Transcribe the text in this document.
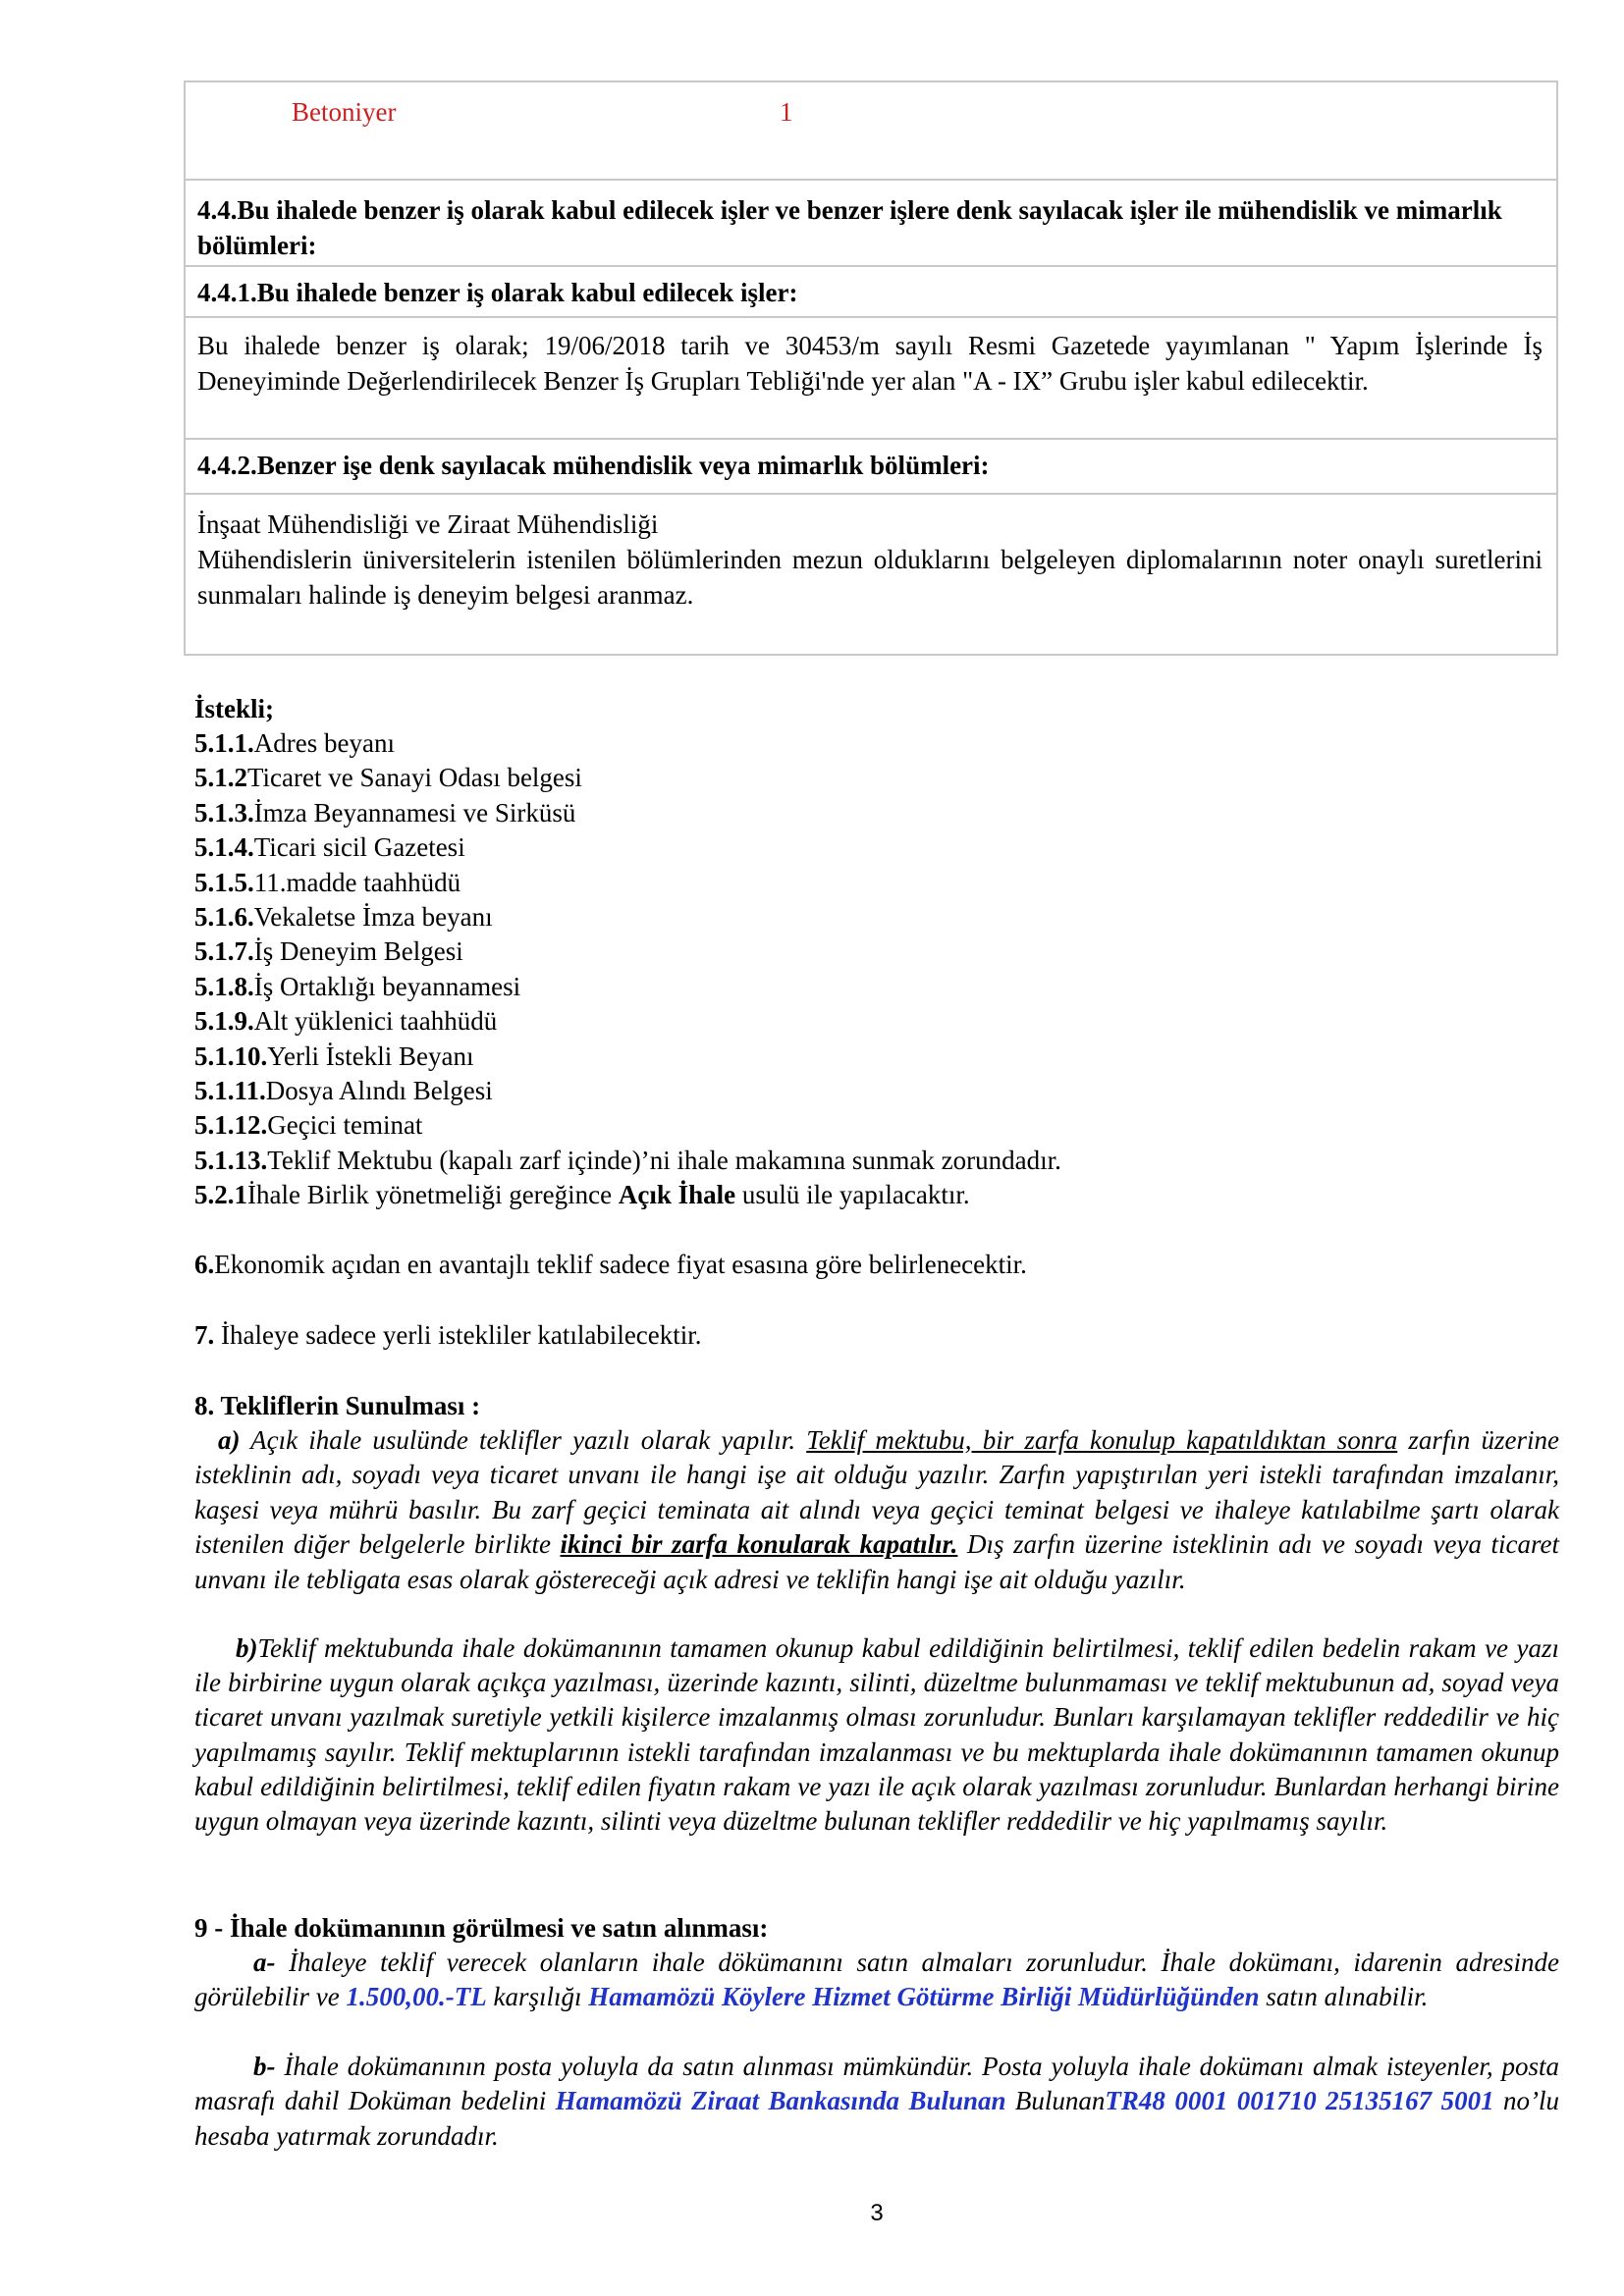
Betoniyer	1
4.4.Bu ihalede benzer iş olarak kabul edilecek işler ve benzer işlere denk sayılacak işler ile mühendislik ve mimarlık bölümleri:
4.4.1.Bu ihalede benzer iş olarak kabul edilecek işler:
Bu ihalede benzer iş olarak; 19/06/2018 tarih ve 30453/m sayılı Resmi Gazetede yayımlanan " Yapım İşlerinde İş Deneyiminde Değerlendirilecek Benzer İş Grupları Tebliği'nde yer alan "A - IX” Grubu işler kabul edilecektir.
4.4.2.Benzer işe denk sayılacak mühendislik veya mimarlık bölümleri:
İnşaat Mühendisliği ve Ziraat Mühendisliği
Mühendislerin üniversitelerin istenilen bölümlerinden mezun olduklarını belgeleyen diplomalarının noter onaylı suretlerini sunmaları halinde iş deneyim belgesi aranmaz.
İstekli;
5.1.1.Adres beyanı
5.1.2Ticaret ve Sanayi Odası belgesi
5.1.3.İmza Beyannamesi ve Sirküsü
5.1.4.Ticari sicil Gazetesi
5.1.5.11.madde taahhüdü
5.1.6.Vekaletse İmza beyanı
5.1.7.İş Deneyim Belgesi
5.1.8.İş Ortaklığı beyannamesi
5.1.9.Alt yüklenici taahhüdü
5.1.10.Yerli İstekli Beyanı
5.1.11.Dosya Alındı Belgesi
5.1.12.Geçici teminat
5.1.13.Teklif Mektubu (kapalı zarf içinde)’ni ihale makamına sunmak zorundadır.
5.2.1İhale Birlik yönetmeliği gereğince Açık İhale usulü ile yapılacaktır.
6.Ekonomik açıdan en avantajlı teklif sadece fiyat esasına göre belirlenecektir.
7. İhaleye sadece yerli istekliler katılabilecektir.
8. Tekliflerin Sunulması :
a) Açık ihale usulünde teklifler yazılı olarak yapılır. Teklif mektubu, bir zarfa konulup kapatıldıktan sonra zarfın üzerine isteklinin adı, soyadı veya ticaret unvanı ile hangi işe ait olduğu yazılır. Zarfın yapıştırılan yeri istekli tarafından imzalanır, kaşesi veya mührü basılır. Bu zarf geçici teminata ait alındı veya geçici teminat belgesi ve ihaleye katılabilme şartı olarak istenilen diğer belgelerle birlikte ikinci bir zarfa konularak kapatılır. Dış zarfın üzerine isteklinin adı ve soyadı veya ticaret unvanı ile tebligata esas olarak göstereceği açık adresi ve teklifin hangi işe ait olduğu yazılır.
b)Teklif mektubunda ihale dokümanının tamamen okunup kabul edildiğinin belirtilmesi, teklif edilen bedelin rakam ve yazı ile birbirine uygun olarak açıkça yazılması, üzerinde kazıntı, silinti, düzeltme bulunmaması ve teklif mektubunun ad, soyad veya ticaret unvanı yazılmak suretiyle yetkili kişilerce imzalanmış olması zorunludur. Bunları karşılamayan teklifler reddedilir ve hiç yapılmamış sayılır. Teklif mektuplarının istekli tarafından imzalanması ve bu mektuplarda ihale dokümanının tamamen okunup kabul edildiğinin belirtilmesi, teklif edilen fiyatın rakam ve yazı ile açık olarak yazılması zorunludur. Bunlardan herhangi birine uygun olmayan veya üzerinde kazıntı, silinti veya düzeltme bulunan teklifler reddedilir ve hiç yapılmamış sayılır.
9 - İhale dokümanının görülmesi ve satın alınması:
a- İhaleye teklif verecek olanların ihale dökümanını satın almaları zorunludur. İhale dokümanı, idarenin adresinde görülebilir ve 1.500,00.-TL karşılığı Hamamözü Köylere Hizmet Götürme Birliği Müdürlüğünden satın alınabilir.
b- İhale dokümanının posta yoluyla da satın alınması mümkündür. Posta yoluyla ihale dokümanı almak isteyenler, posta masrafı dahil Doküman bedelini Hamamözü Ziraat Bankasında Bulunan BulunanTR48 0001 001710 25135167 5001 no’lu hesaba yatırmak zorundadır.
3
